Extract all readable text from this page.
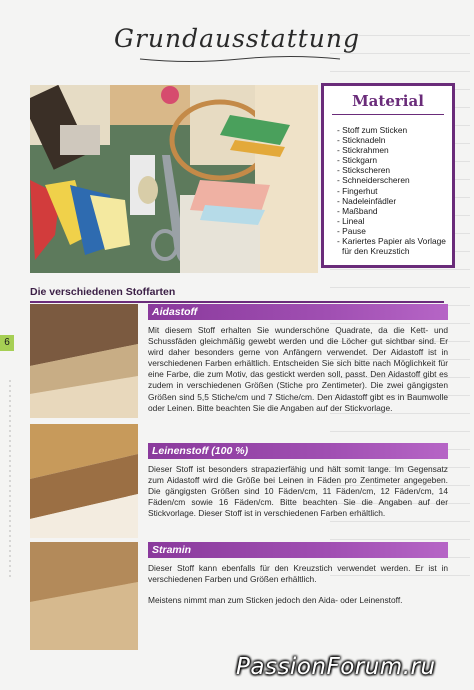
Grundausstattung
Material
- Stoff zum Sticken
- Sticknadeln
- Stickrahmen
- Stickgarn
- Stickscheren
- Schneiderscheren
- Fingerhut
- Nadeleinfädler
- Maßband
- Lineal
- Pause
- Kariertes Papier als Vorlage für den Kreuzstich
Die verschiedenen Stoffarten
6
Aidastoff
Mit diesem Stoff erhalten Sie wunderschöne Quadrate, da die Kett- und Schussfäden gleichmäßig gewebt werden und die Löcher gut sichtbar sind. Er wird daher besonders gerne von Anfängern verwendet. Der Aidastoff ist in verschiedenen Farben erhältlich. Entscheiden Sie sich bitte nach Möglichkeit für eine Farbe, die zum Motiv, das gestickt werden soll, passt. Den Aidastoff gibt es zudem in verschiedenen Größen (Stiche pro Zentimeter). Die zwei gängigsten Größen sind 5,5 Stiche/cm und 7 Stiche/cm. Den Aidastoff gibt es in Baumwolle oder Leinen. Bitte beachten Sie die Angaben auf der Stickvorlage.
Leinenstoff (100 %)
Dieser Stoff ist besonders strapazierfähig und hält somit lange. Im Gegensatz zum Aidastoff wird die Größe bei Leinen in Fäden pro Zentimeter angegeben. Die gängigsten Größen sind 10 Fäden/cm, 11 Fäden/cm, 12 Fäden/cm, 14 Fäden/cm sowie 16 Fäden/cm. Bitte beachten Sie die Angaben auf der Stickvorlage. Dieser Stoff ist in verschiedenen Farben erhältlich.
Stramin
Dieser Stoff kann ebenfalls für den Kreuzstich verwendet werden. Er ist in verschiedenen Farben und Größen erhältlich.
Meistens nimmt man zum Sticken jedoch den Aida- oder Leinenstoff.
PassionForum.ru
